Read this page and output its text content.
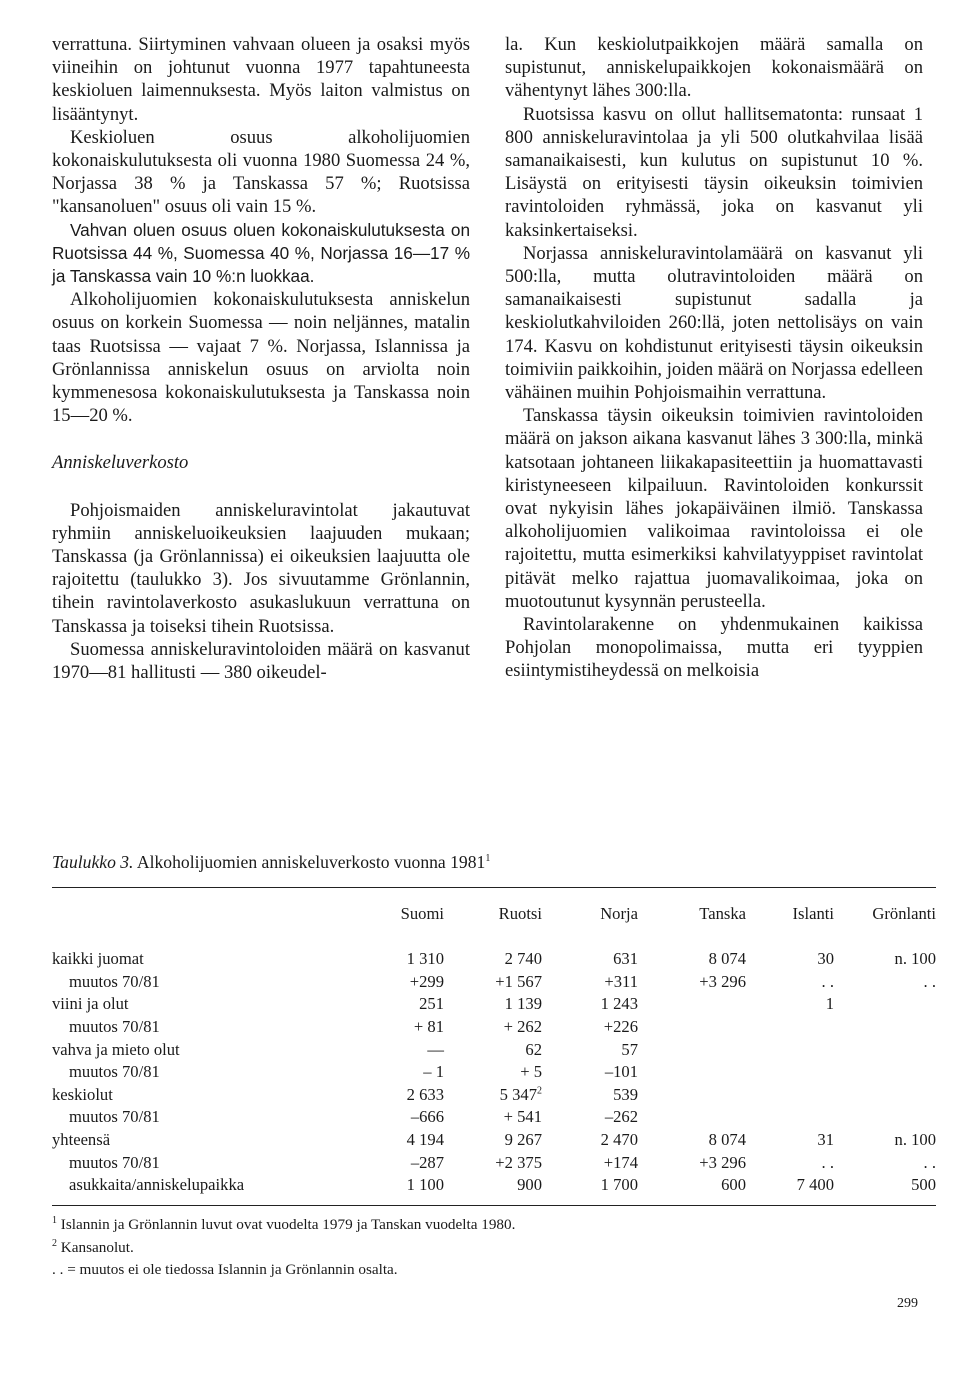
verrattuna. Siirtyminen vahvaan olueen ja osaksi myös viineihin on johtunut vuonna 1977 tapahtuneesta keskioluen laimennuksesta. Myös laiton valmistus on lisääntynyt.

Keskioluen osuus alkoholijuomien kokonaiskulutuksesta oli vuonna 1980 Suomessa 24 %, Norjassa 38 % ja Tanskassa 57 %; Ruotsissa "kansanoluen" osuus oli vain 15 %.

Vahvan oluen osuus oluen kokonaiskulutuksesta on Ruotsissa 44 %, Suomessa 40 %, Norjassa 16—17 % ja Tanskassa vain 10 %:n luokkaa.

Alkoholijuomien kokonaiskulutuksesta anniskelun osuus on korkein Suomessa — noin neljännes, matalin taas Ruotsissa — vajaat 7 %. Norjassa, Islannissa ja Grönlannissa anniskelun osuus on arviolta noin kymmenesosa kokonaiskulutuksesta ja Tanskassa noin 15—20 %.

Anniskeluverkosto

Pohjoismaiden anniskeluravintolat jakautuvat ryhmiin anniskeluoikeuksien laajuuden mukaan; Tanskassa (ja Grönlannissa) ei oikeuksien laajuutta ole rajoitettu (taulukko 3). Jos sivuutamme Grönlannin, tihein ravintolaverkosto asukaslukuun verrattuna on Tanskassa ja toiseksi tihein Ruotsissa.

Suomessa anniskeluravintoloiden määrä on kasvanut 1970—81 hallitusti — 380 oikeudel-

la. Kun keskiolutpaikkojen määrä samalla on supistunut, anniskelupaikkojen kokonaismäärä on vähentynyt lähes 300:lla.

Ruotsissa kasvu on ollut hallitsematonta: runsaat 1 800 anniskeluravintolaa ja yli 500 olutkahvilaa lisää samanaikaisesti, kun kulutus on supistunut 10 %. Lisäystä on erityisesti täysin oikeuksin toimivien ravintoloiden ryhmässä, joka on kasvanut yli kaksinkertaiseksi.

Norjassa anniskeluravintolamäärä on kasvanut yli 500:lla, mutta olutravintoloiden määrä on samanaikaisesti supistunut sadalla ja keskiolutkahviloiden 260:llä, joten nettolisäys on vain 174. Kasvu on kohdistunut erityisesti täysin oikeuksin toimiviin paikkoihin, joiden määrä on Norjassa edelleen vähäinen muihin Pohjoismaihin verrattuna.

Tanskassa täysin oikeuksin toimivien ravintoloiden määrä on jakson aikana kasvanut lähes 3 300:lla, minkä katsotaan johtaneen liikakapasiteettiin ja huomattavasti kiristyneeseen kilpailuun. Ravintoloiden konkurssit ovat nykyisin lähes jokapäiväinen ilmiö. Tanskassa alkoholijuomien valikoimaa ravintoloissa ei ole rajoitettu, mutta esimerkiksi kahvilatyyppiset ravintolat pitävät melko rajattua juomavalikoimaa, joka on muotoutunut kysynnän perusteella.

Ravintolarakenne on yhdenmukainen kaikissa Pohjolan monopolimaissa, mutta eri tyyppien esiintymistiheydessä on melkoisia

Taulukko 3. Alkoholijuomien anniskeluverkosto vuonna 1981$^1$
	Suomi	Ruotsi	Norja	Tanska	Islanti	Grönlanti
kaikki juomat	1 310	2 740	631	8 074	30	n. 100
muutos 70/81	+299	+1 567	+311	+3 296	. .	. .
viini ja olut	251	1 139	1 243		1	
muutos 70/81	+ 81	+ 262	+226			
vahva ja mieto olut	—	62	57			
muutos 70/81	– 1	+ 5	–101			
keskiolut	2 633	5 $347^2$	539			
muutos 70/81	–666	+ 541	–262			
yhteensä	4 194	9 267	2 470	8 074	31	n. 100
muutos 70/81	–287	+2 375	+174	+3 296	. .	. .
asukkaita/anniskelupaikka	1 100	900	1 700	600	7 400	500
$^1$ Islannin ja Grönlannin luvut ovat vuodelta 1979 ja Tanskan vuodelta 1980.
$^2$ Kansanolut.
. . = muutos ei ole tiedossa Islannin ja Grönlannin osalta.
299
